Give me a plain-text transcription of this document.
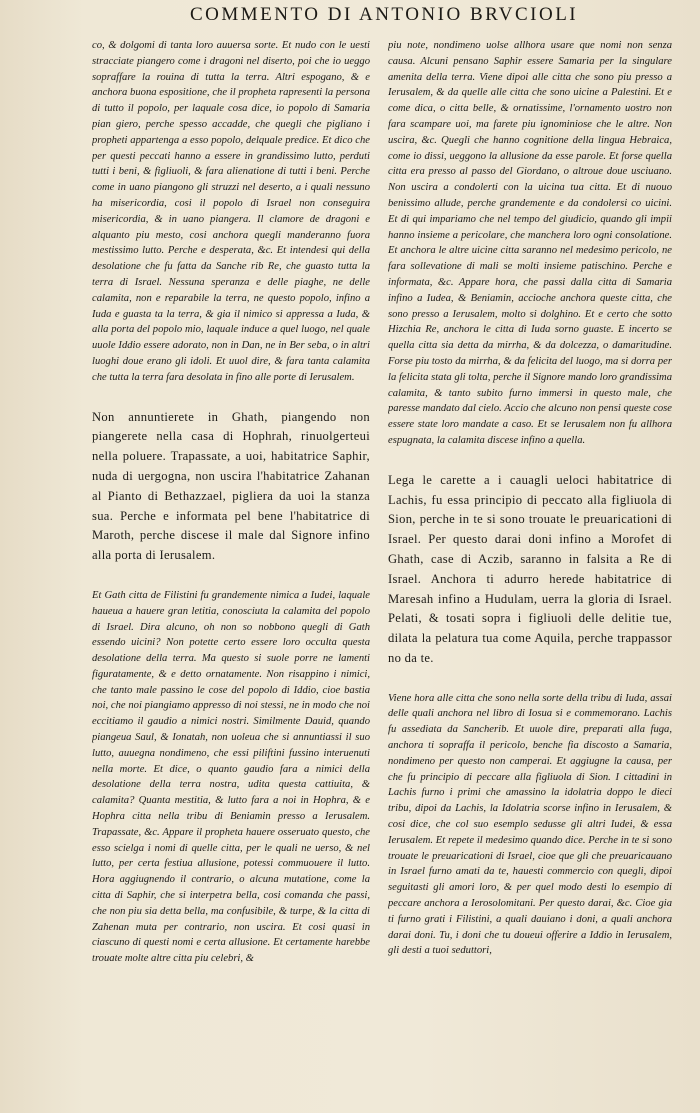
COMMENTO DI ANTONIO BRVCIOLI

co, & dolgomi di tanta loro auuersa sorte. Et nudo con le uesti stracciate piangero come i dragoni nel diserto, poi che io ueggo sopraffare la rouina di tutta la terra. Altri espogano, & e anchora buona espositione, che il propheta rapresenti la persona di tutto il popolo, per laquale cosa dice, io popolo di Samaria pian giero, perche spesso accadde, che quegli che pigliano i propheti appartenga a esso popolo, delquale predice. Et dico che per questi peccati hanno a essere in grandissimo lutto, perduti tutti i beni, & figliuoli, & fara alienatione di tutti i beni. Perche come in uano piangono gli struzzi nel deserto, a i quali nessuno ha misericordia, cosi il popolo di Israel non conseguira misericordia, & in uano piangera. Il clamore de dragoni e alquanto piu mesto, cosi anchora quegli manderanno fuora mestissimo lutto. Perche e desperata, &c. Et intendesi qui della desolatione che fu fatta da Sanche rib Re, che guasto tutta la terra di Israel. Nessuna speranza e delle piaghe, ne delle calamita, non e reparabile la terra, ne questo popolo, infino a Iuda e guasta ta la terra, & gia il nimico si appressa a Iuda, & alla porta del popolo mio, laquale induce a quel luogo, nel quale uuole Iddio essere adorato, non in Dan, ne in Ber seba, o in altri luoghi doue erano gli idoli. Et uuol dire, & fara tanta calamita che tutta la terra fara desolata in fino alle porte di Ierusalem.

Non annuntierete in Ghath, piangendo non piangerete nella casa di Hophrah, rinuolgerteui nella poluere. Trapassate, a uoi, habitatrice Saphir, nuda di uergogna, non uscira l'habitatrice Zahanan al Pianto di Bethazzael, pigliera da uoi la stanza sua. Perche e informata pel bene l'habitatrice di Maroth, perche discese il male dal Signore infino alla porta di Ierusalem.

Et Gath citta de Filistini fu grandemente nimica a Iudei, laquale haueua a hauere gran letitia, conosciuta la calamita del popolo di Israel. Dira alcuno, oh non so nobbono quegli di Gath essendo uicini? Non potette certo essere loro occulta questa desolatione della terra. Ma questo si suole porre ne lamenti figuratamente, & e detto ornatamente. Non risappino i nimici, che tanto male passino le cose del popolo di Iddio, cioe bastia noi, che noi piangiamo appresso di noi stessi, ne in modo che noi eccitiamo il gaudio a nimici nostri. Similmente Dauid, quando piangeua Saul, & Ionatah, non uoleua che si annuntiassi il suo lutto, auuegna nondimeno, che essi piliftini fussino interuenuti nella morte. Et dice, o quanto gaudio fara a nimici della desolatione della terra nostra, udita questa cattiuita, & calamita? Quanta mestitia, & lutto fara a noi in Hophra, & e Hophra citta nella tribu di Beniamin presso a Ierusalem. Trapassate, &c. Appare il propheta hauere osseruato questo, che esso scielga i nomi di quelle citta, per le quali ne uerso, & nel lutto, per certa festiua allusione, potessi commuouere il lutto. Hora aggiugnendo il contrario, o alcuna mutatione, come la citta di Saphir, che si interpetra bella, cosi comanda che passi, che non piu sia detta bella, ma confusibile, & turpe, & la citta di Zahenan muta per contrario, non uscira. Et cosi quasi in ciascuno di questi nomi e certa allusione. Et certamente harebbe trouate molte altre citta piu celebri, &

piu note, nondimeno uolse allhora usare que nomi non senza causa. Alcuni pensano Saphir essere Samaria per la singulare amenita della terra. Viene dipoi alle citta che sono piu presso a Ierusalem, & da quelle alle citta che sono uicine a Palestini. Et e come dica, o citta belle, & ornatissime, l'ornamento uostro non fara scampare uoi, ma farete piu ignominiose che le altre. Non uscira, &c. Quegli che hanno cognitione della lingua Hebraica, come io dissi, ueggono la allusione da esse parole. Et forse quella citta era presso al passo del Giordano, o altroue doue usciuano. Non uscira a condolerti con la uicina tua citta. Et di nuouo benissimo allude, perche grandemente e da condolersi co uicini. Et di qui impariamo che nel tempo del giudicio, quando gli impii hanno insieme a pericolare, che manchera loro ogni consolatione. Et anchora le altre uicine citta saranno nel medesimo pericolo, ne fara sollevatione di mali se molti insieme patischino. Perche e informata, &c. Appare hora, che passi dalla citta di Samaria infino a Iudea, & Beniamin, accioche anchora queste citta, che sono presso a Ierusalem, molto si dolghino. Et e certo che sotto Hizchia Re, anchora le citta di Iuda sorno guaste. E incerto se quella citta sia detta da mirrha, & da dolcezza, o damaritudine. Forse piu tosto da mirrha, & da felicita del luogo, ma si dorra per la felicita stata gli tolta, perche il Signore mando loro grandissima calamita, & tanto subito furno immersi in questo male, che paresse mandato dal cielo. Accio che alcuno non pensi queste cose essere state loro mandate a caso. Et se Ierusalem non fu allhora espugnata, la calamita discese infino a quella.

Lega le carette a i cauagli ueloci habitatrice di Lachis, fu essa principio di peccato alla figliuola di Sion, perche in te si sono trouate le preuaricationi di Israel. Per questo darai doni infino a Morofet di Ghath, case di Aczib, saranno in falsita a Re di Israel. Anchora ti adurro herede habitatrice di Maresah infino a Hudulam, uerra la gloria di Israel. Pelati, & tosati sopra i figliuoli delle delitie tue, dilata la pelatura tua come Aquila, perche trappassor no da te.

Viene hora alle citta che sono nella sorte della tribu di Iuda, assai delle quali anchora nel libro di Iosua si e commemorano. Lachis fu assediata da Sancherib. Et uuole dire, preparati alla fuga, anchora ti sopraffa il pericolo, benche fia discosto a Samaria, nondimeno per questo non camperai. Et aggiugne la causa, per che fu principio di peccare alla figliuola di Sion. I cittadini in Lachis furno i primi che amassino la idolatria doppo le dieci tribu, dipoi da Lachis, la Idolatria scorse infino in Ierusalem, & cosi dice, che col suo esemplo sedusse gli altri Iudei, & essa Ierusalem. Et repete il medesimo quando dice. Perche in te si sono trouate le preuaricationi di Israel, cioe que gli che preuaricauano in Israel furno amati da te, hauesti commercio con quegli, dipoi seguitasti gli amori loro, & per quel modo desti lo esempio di peccare anchora a Ierosolomitani. Per questo darai, &c. Cioe gia ti furno grati i Filistini, a quali dauiano i doni, a quali anchora darai doni. Tu, i doni che tu doueui offerire a Iddio in Ierusalem, gli desti a tuoi seduttori,
